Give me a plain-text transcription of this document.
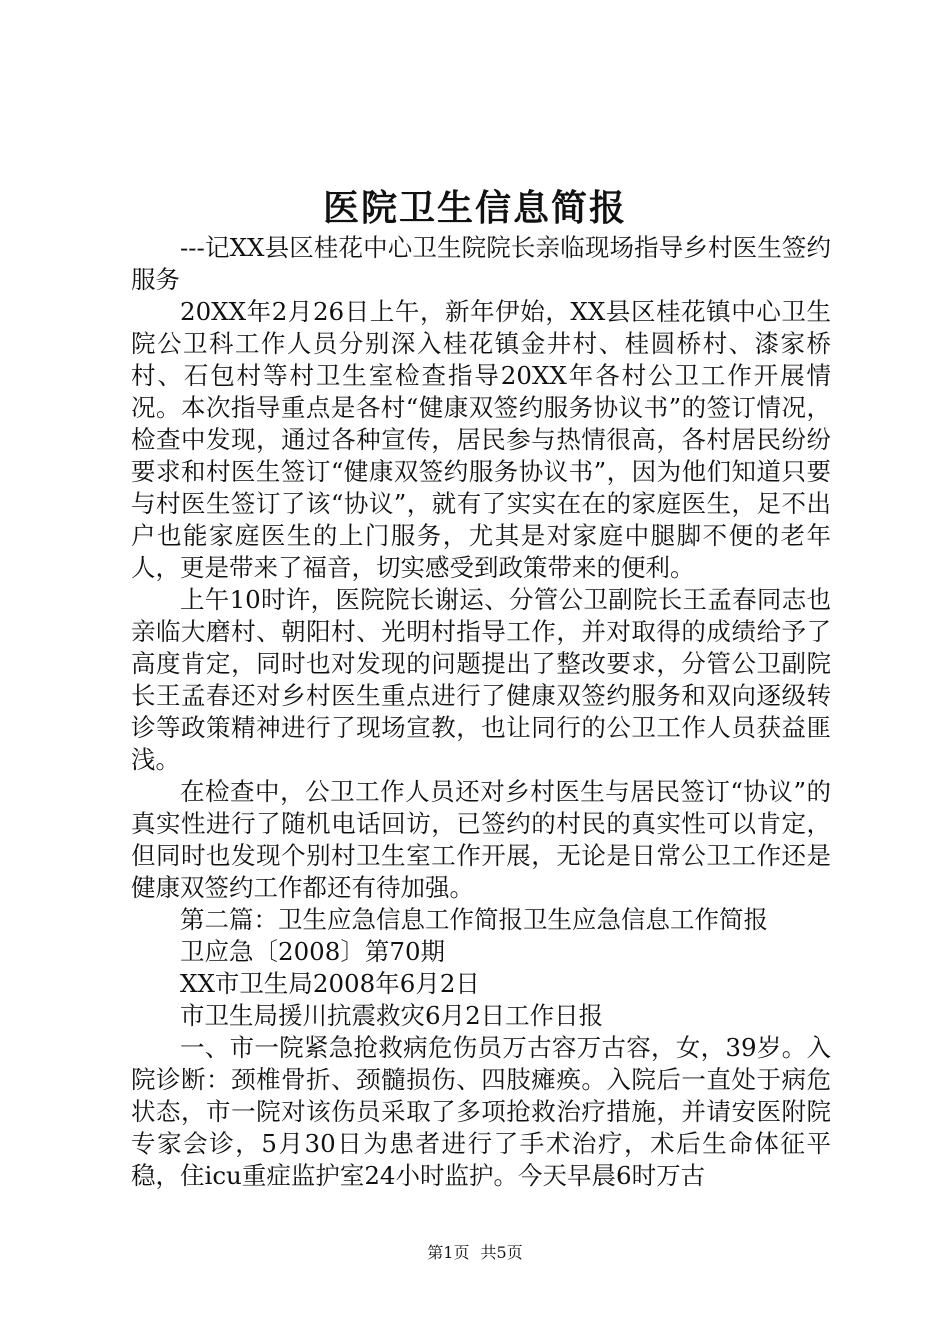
医院卫生信息简报

---记XX县区桂花中心卫生院院长亲临现场指导乡村医生签约服务

20XX年2月26日上午，新年伊始，XX县区桂花镇中心卫生院公卫科工作人员分别深入桂花镇金井村、桂圆桥村、漆家桥村、石包村等村卫生室检查指导20XX年各村公卫工作开展情况。本次指导重点是各村“健康双签约服务协议书”的签订情况，检查中发现，通过各种宣传，居民参与热情很高，各村居民纷纷要求和村医生签订“健康双签约服务协议书”，因为他们知道只要与村医生签订了该“协议”，就有了实实在在的家庭医生，足不出户也能家庭医生的上门服务，尤其是对家庭中腿脚不便的老年人，更是带来了福音，切实感受到政策带来的便利。

上午10时许，医院院长谢运、分管公卫副院长王孟春同志也亲临大磨村、朝阳村、光明村指导工作，并对取得的成绩给予了高度肯定，同时也对发现的问题提出了整改要求，分管公卫副院长王孟春还对乡村医生重点进行了健康双签约服务和双向逐级转诊等政策精神进行了现场宣教，也让同行的公卫工作人员获益匪浅。

在检查中，公卫工作人员还对乡村医生与居民签订“协议”的真实性进行了随机电话回访，已签约的村民的真实性可以肯定，但同时也发现个别村卫生室工作开展，无论是日常公卫工作还是健康双签约工作都还有待加强。

第二篇：卫生应急信息工作简报卫生应急信息工作简报

卫应急〔2008〕第70期

XX市卫生局2008年6月2日

市卫生局援川抗震救灾6月2日工作日报

一、市一院紧急抢救病危伤员万古容万古容，女，39岁。入院诊断：颈椎骨折、颈髓损伤、四肢瘫痪。入院后一直处于病危状态，市一院对该伤员采取了多项抢救治疗措施，并请安医附院专家会诊，5月30日为患者进行了手术治疗，术后生命体征平稳，住icu重症监护室24小时监护。今天早晨6时万古

第1页 共5页
